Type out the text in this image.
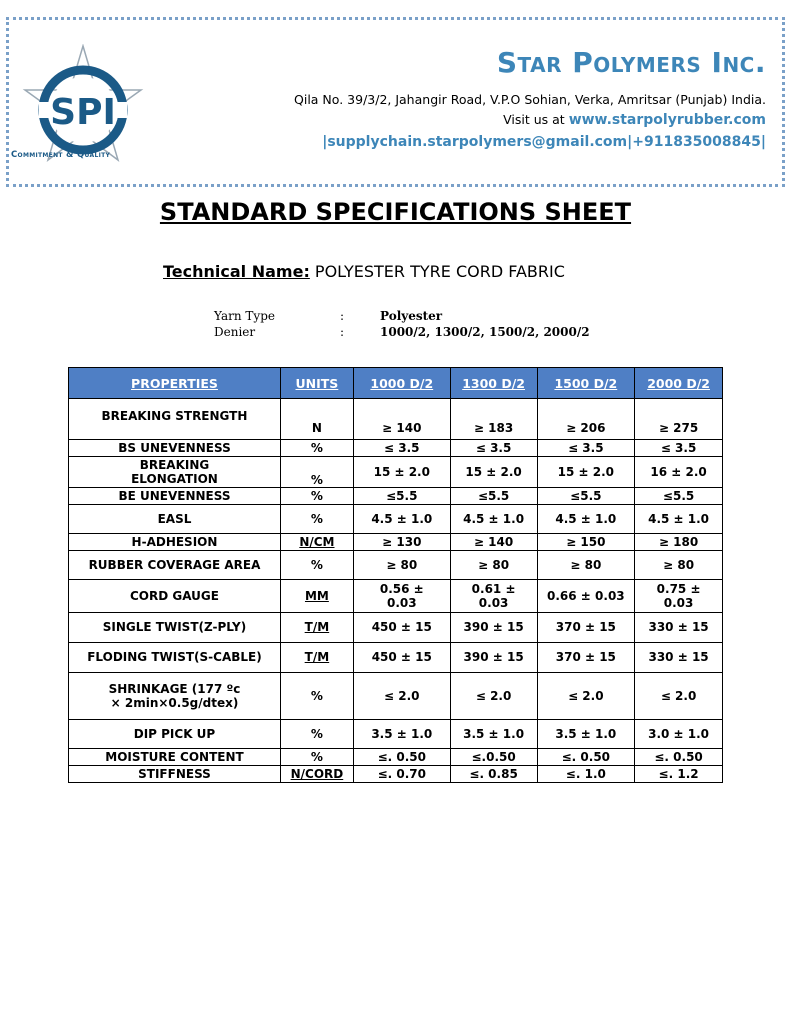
SPI
Commitment & Quality
Star Polymers Inc.
Qila No. 39/3/2, Jahangir Road, V.P.O Sohian, Verka, Amritsar (Punjab) India.
Visit us at www.starpolyrubber.com
|supplychain.starpolymers@gmail.com|+911835008845|
STANDARD SPECIFICATIONS SHEET
Technical Name: POLYESTER TYRE CORD FABRIC
Yarn Type	:	Polyester
Denier	:	1000/2, 1300/2, 1500/2, 2000/2
PROPERTIES	UNITS	1000 D/2	1300 D/2	1500 D/2	2000 D/2
BREAKING STRENGTH	N	≥ 140	≥ 183	≥ 206	≥ 275
BS UNEVENNESS	%	≤ 3.5	≤ 3.5	≤ 3.5	≤ 3.5
BREAKING ELONGATION	%	15 ± 2.0	15 ± 2.0	15 ± 2.0	16 ± 2.0
BE UNEVENNESS	%	≤5.5	≤5.5	≤5.5	≤5.5
EASL	%	4.5 ± 1.0	4.5 ± 1.0	4.5 ± 1.0	4.5 ± 1.0
H-ADHESION	N/CM	≥ 130	≥ 140	≥ 150	≥ 180
RUBBER COVERAGE AREA	%	≥ 80	≥ 80	≥ 80	≥ 80
CORD GAUGE	MM	0.56 ± 0.03	0.61 ± 0.03	0.66 ± 0.03	0.75 ± 0.03
SINGLE TWIST(Z-PLY)	T/M	450 ± 15	390 ± 15	370 ± 15	330 ± 15
FLODING TWIST(S-CABLE)	T/M	450 ± 15	390 ± 15	370 ± 15	330 ± 15
SHRINKAGE (177 ºc × 2min×0.5g/dtex)	%	≤ 2.0	≤ 2.0	≤ 2.0	≤ 2.0
DIP PICK UP	%	3.5 ± 1.0	3.5 ± 1.0	3.5 ± 1.0	3.0 ± 1.0
MOISTURE CONTENT	%	≤. 0.50	≤.0.50	≤. 0.50	≤. 0.50
STIFFNESS	N/CORD	≤. 0.70	≤. 0.85	≤. 1.0	≤. 1.2
